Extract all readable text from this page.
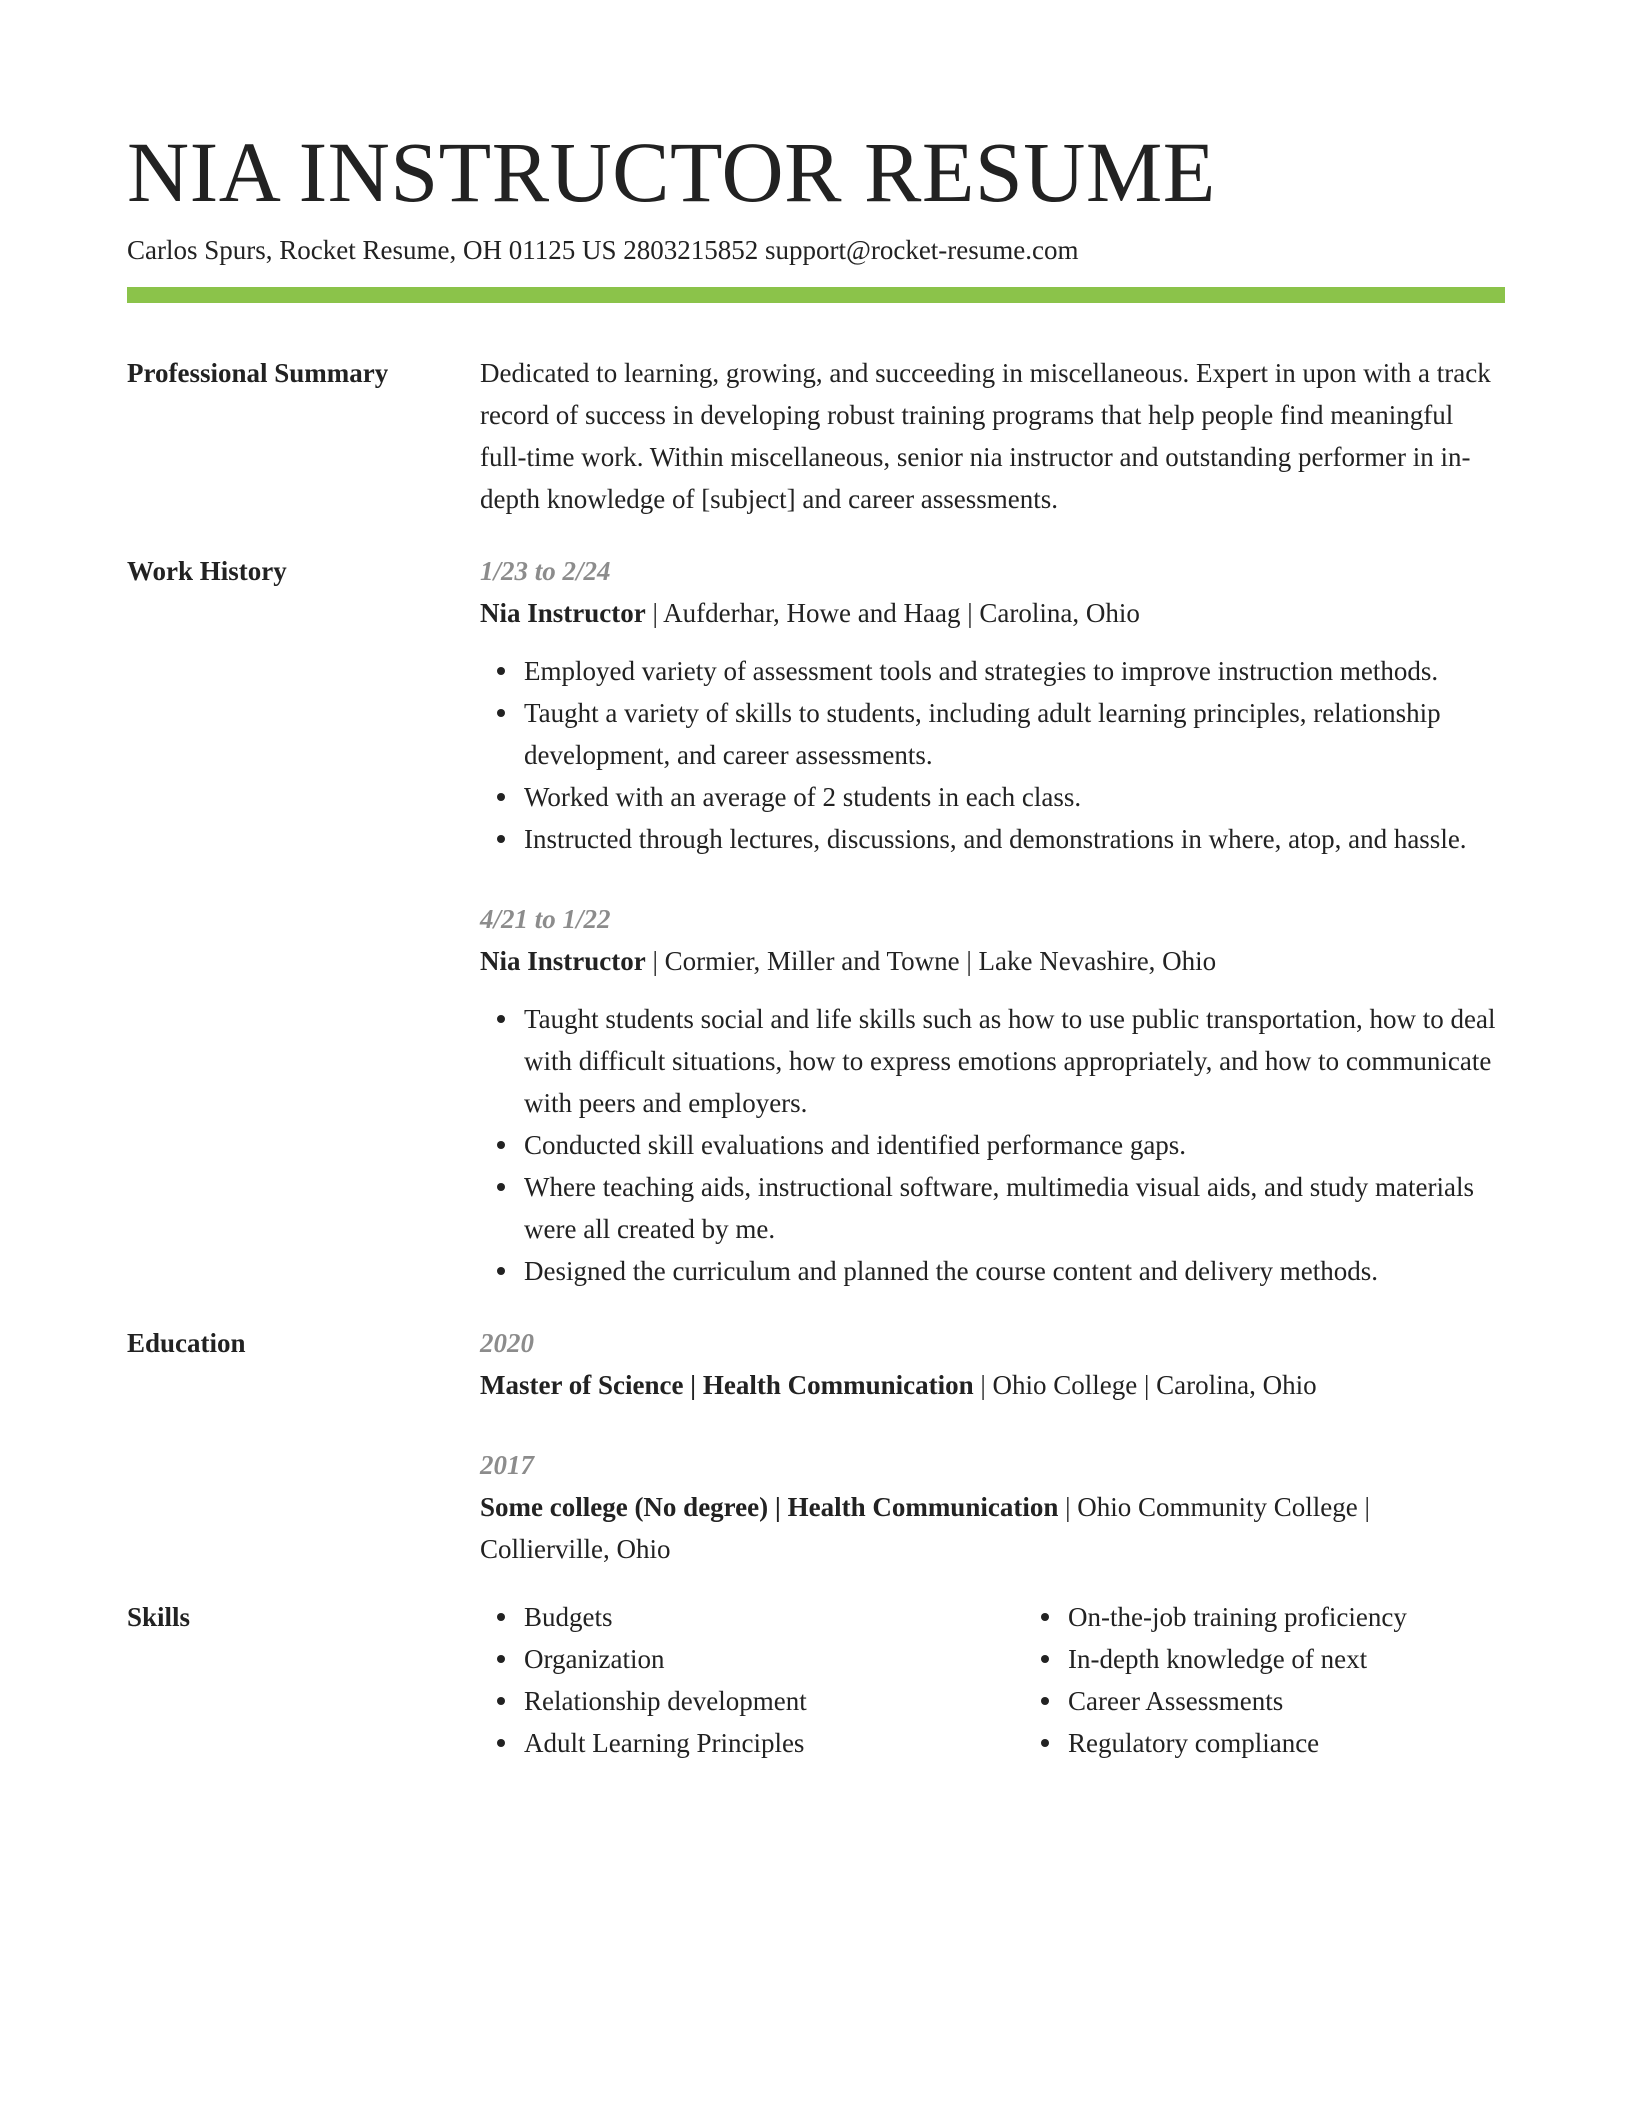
NIA INSTRUCTOR RESUME
Carlos Spurs, Rocket Resume, OH 01125 US 2803215852 support@rocket-resume.com
Professional Summary	Dedicated to learning, growing, and succeeding in miscellaneous. Expert in upon with a track record of success in developing robust training programs that help people find meaningful full-time work. Within miscellaneous, senior nia instructor and outstanding performer in in-depth knowledge of [subject] and career assessments.
Work History	1/23 to 2/24
Nia Instructor | Aufderhar, Howe and Haag | Carolina, Ohio
Employed variety of assessment tools and strategies to improve instruction methods.
Taught a variety of skills to students, including adult learning principles, relationship development, and career assessments.
Worked with an average of 2 students in each class.
Instructed through lectures, discussions, and demonstrations in where, atop, and hassle.
4/21 to 1/22
Nia Instructor | Cormier, Miller and Towne | Lake Nevashire, Ohio
Taught students social and life skills such as how to use public transportation, how to deal with difficult situations, how to express emotions appropriately, and how to communicate with peers and employers.
Conducted skill evaluations and identified performance gaps.
Where teaching aids, instructional software, multimedia visual aids, and study materials were all created by me.
Designed the curriculum and planned the course content and delivery methods.
Education	2020
Master of Science | Health Communication | Ohio College | Carolina, Ohio
2017
Some college (No degree) | Health Communication | Ohio Community College | Collierville, Ohio
Skills	Budgets
Organization
Relationship development
Adult Learning Principles
On-the-job training proficiency
In-depth knowledge of next
Career Assessments
Regulatory compliance
